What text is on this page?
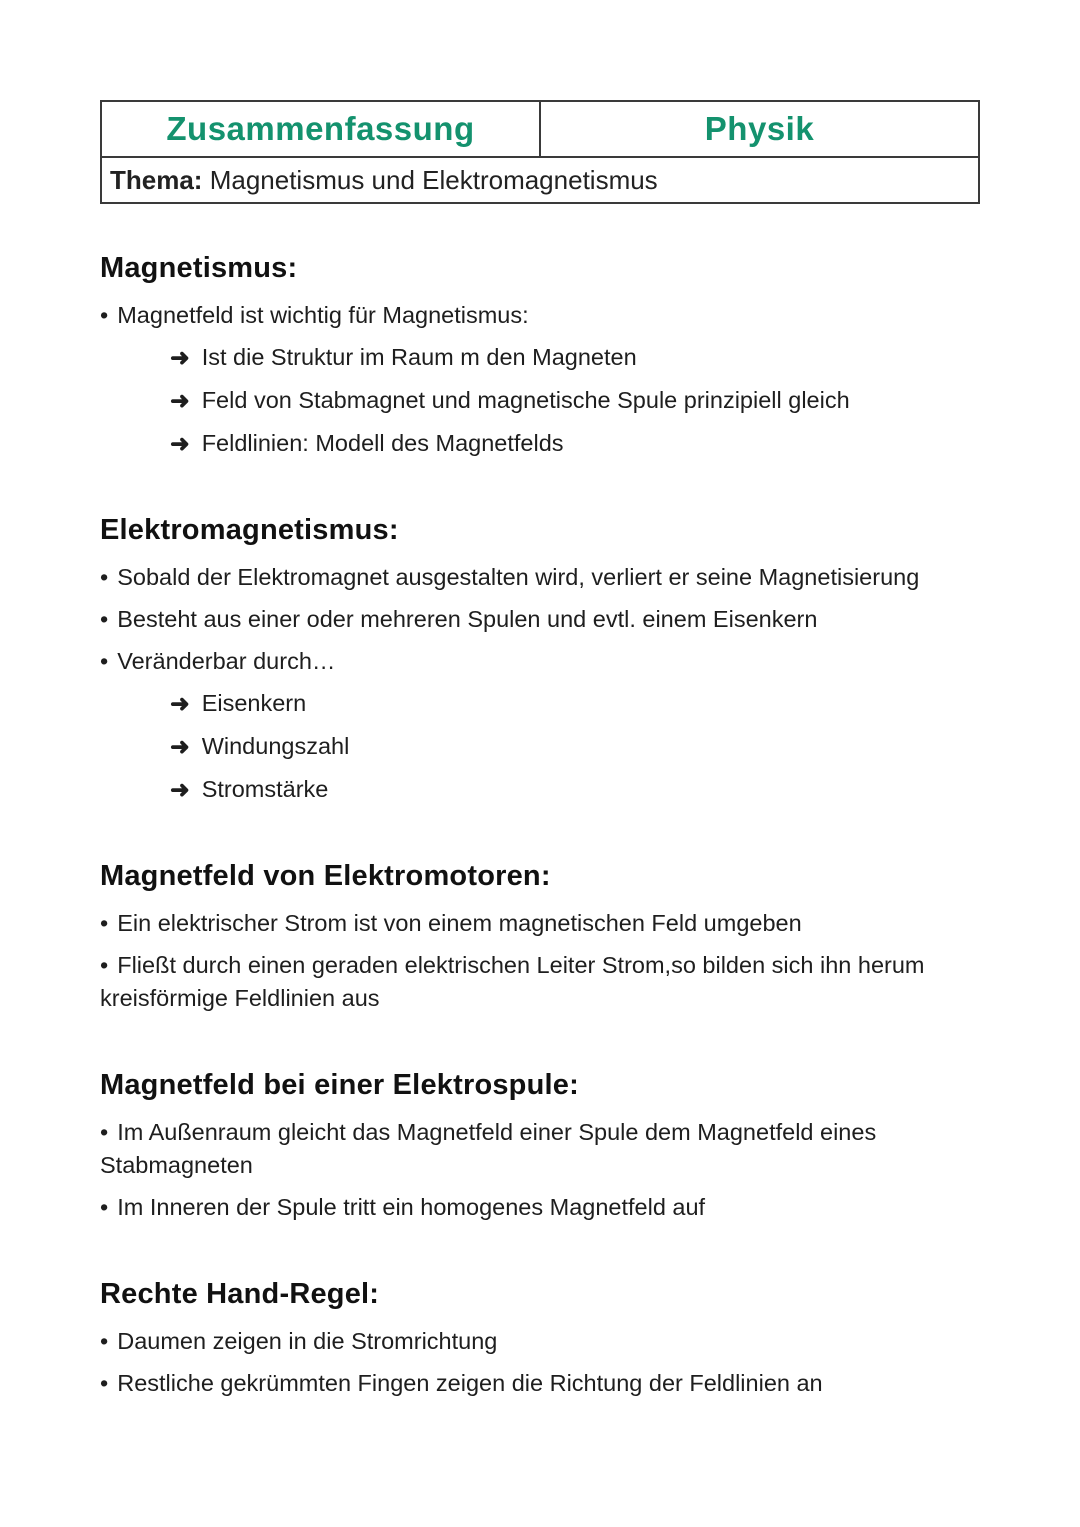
Zusammenfassung	Physik
Thema: Magnetismus und Elektromagnetismus
Magnetismus:

• Magnetfeld ist wichtig für Magnetismus:

➜ Ist die Struktur im Raum m den Magneten

➜ Feld von Stabmagnet und magnetische Spule prinzipiell gleich

➜ Feldlinien: Modell des Magnetfelds

Elektromagnetismus:

• Sobald der Elektromagnet ausgestalten wird, verliert er seine Magnetisierung

• Besteht aus einer oder mehreren Spulen und evtl. einem Eisenkern

• Veränderbar durch…

➜ Eisenkern

➜ Windungszahl

➜ Stromstärke

Magnetfeld von Elektromotoren:

• Ein elektrischer Strom ist von einem magnetischen Feld umgeben

• Fließt durch einen geraden elektrischen Leiter Strom,so bilden sich ihn herum kreisförmige Feldlinien aus

Magnetfeld bei einer Elektrospule:

• Im Außenraum gleicht das Magnetfeld einer Spule dem Magnetfeld eines Stabmagneten

• Im Inneren der Spule tritt ein homogenes Magnetfeld auf

Rechte Hand-Regel:

• Daumen zeigen in die Stromrichtung

• Restliche gekrümmten Fingen zeigen die Richtung der Feldlinien an
